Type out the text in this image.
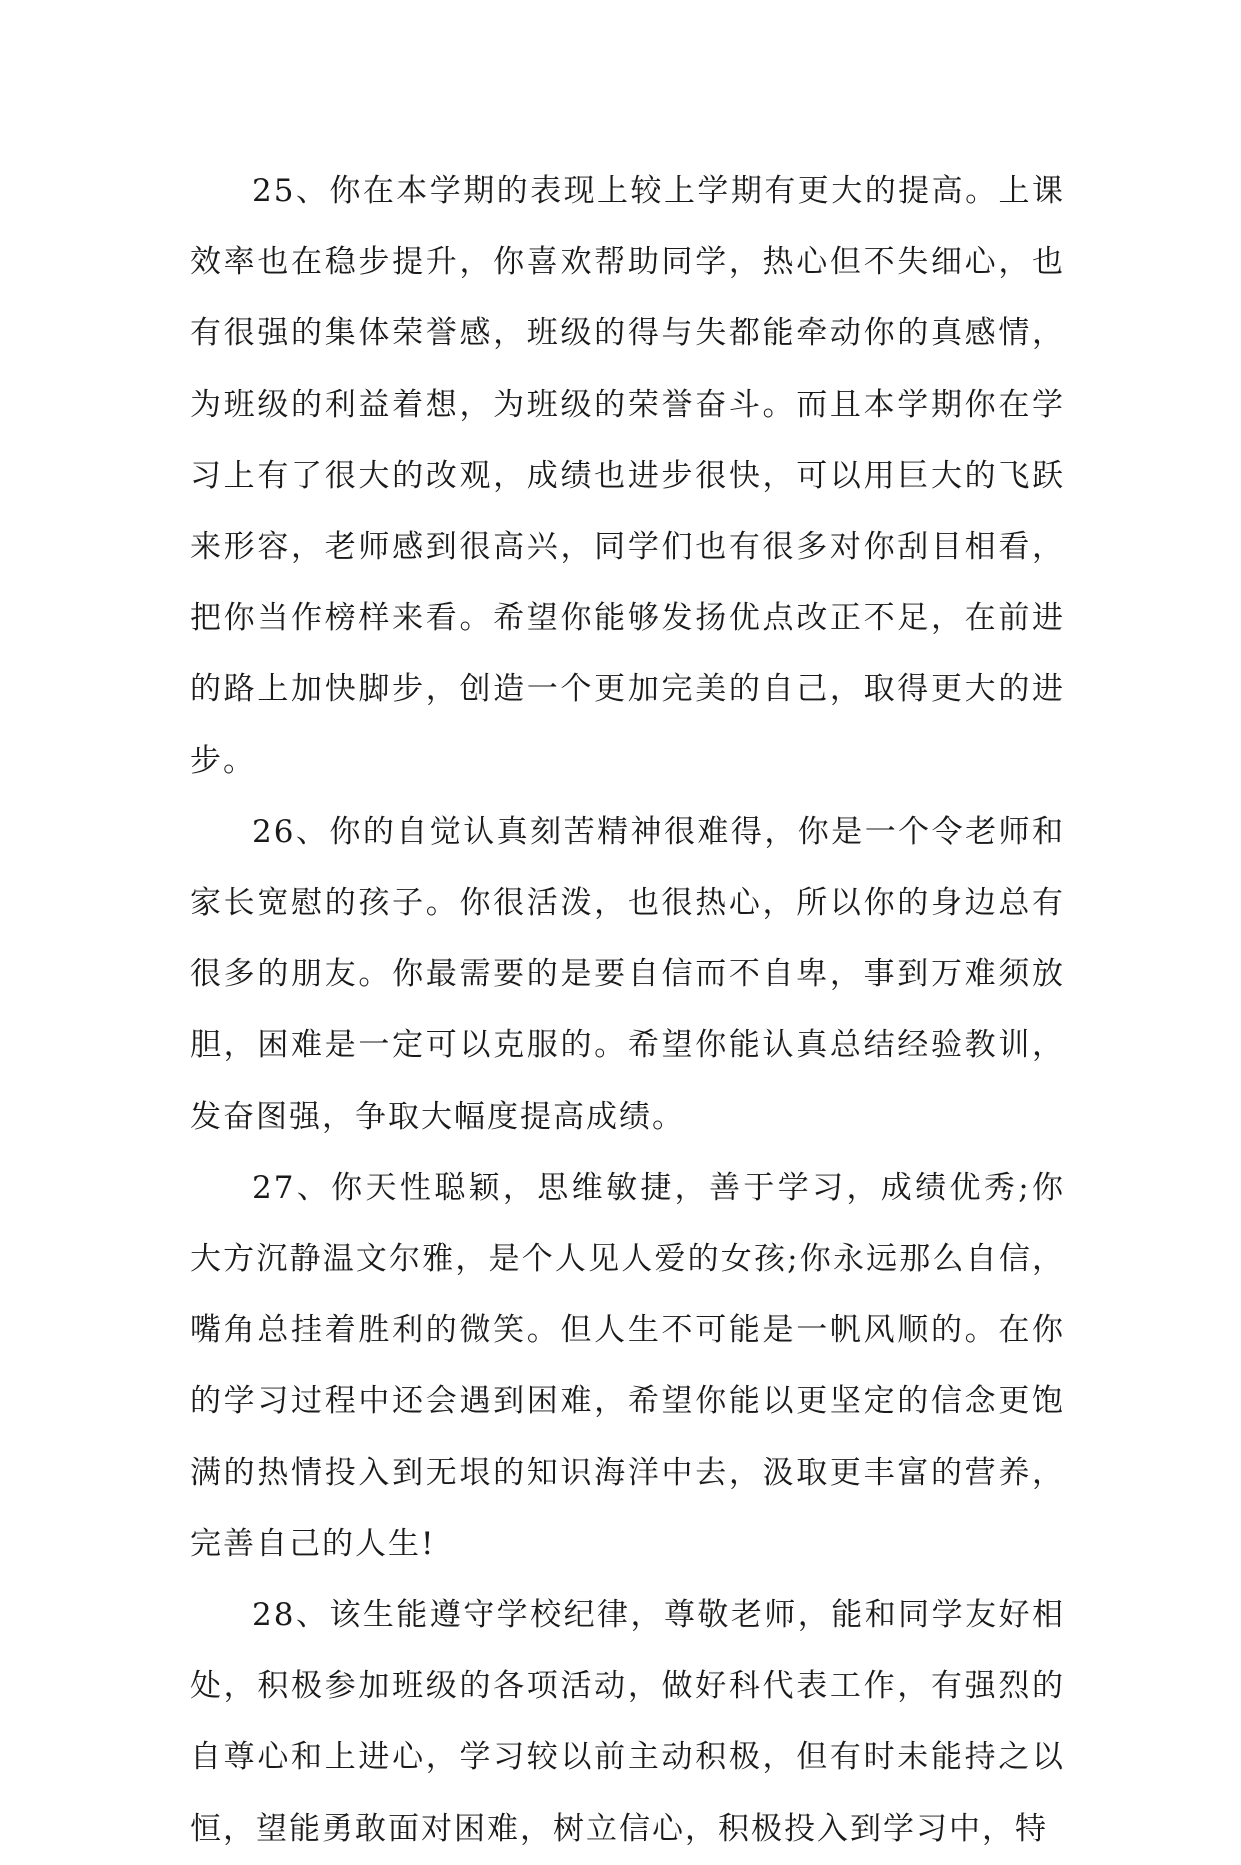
25、你在本学期的表现上较上学期有更大的提高。上课效率也在稳步提升，你喜欢帮助同学，热心但不失细心，也有很强的集体荣誉感，班级的得与失都能牵动你的真感情，为班级的利益着想，为班级的荣誉奋斗。而且本学期你在学习上有了很大的改观，成绩也进步很快，可以用巨大的飞跃来形容，老师感到很高兴，同学们也有很多对你刮目相看，把你当作榜样来看。希望你能够发扬优点改正不足，在前进的路上加快脚步，创造一个更加完美的自己，取得更大的进步。

26、你的自觉认真刻苦精神很难得，你是一个令老师和家长宽慰的孩子。你很活泼，也很热心，所以你的身边总有很多的朋友。你最需要的是要自信而不自卑，事到万难须放胆，困难是一定可以克服的。希望你能认真总结经验教训，发奋图强，争取大幅度提高成绩。

27、你天性聪颖，思维敏捷，善于学习，成绩优秀;你大方沉静温文尔雅，是个人见人爱的女孩;你永远那么自信，嘴角总挂着胜利的微笑。但人生不可能是一帆风顺的。在你的学习过程中还会遇到困难，希望你能以更坚定的信念更饱满的热情投入到无垠的知识海洋中去，汲取更丰富的营养，完善自己的人生!

28、该生能遵守学校纪律，尊敬老师，能和同学友好相处，积极参加班级的各项活动，做好科代表工作，有强烈的自尊心和上进心，学习较以前主动积极，但有时未能持之以恒，望能勇敢面对困难，树立信心，积极投入到学习中，特
